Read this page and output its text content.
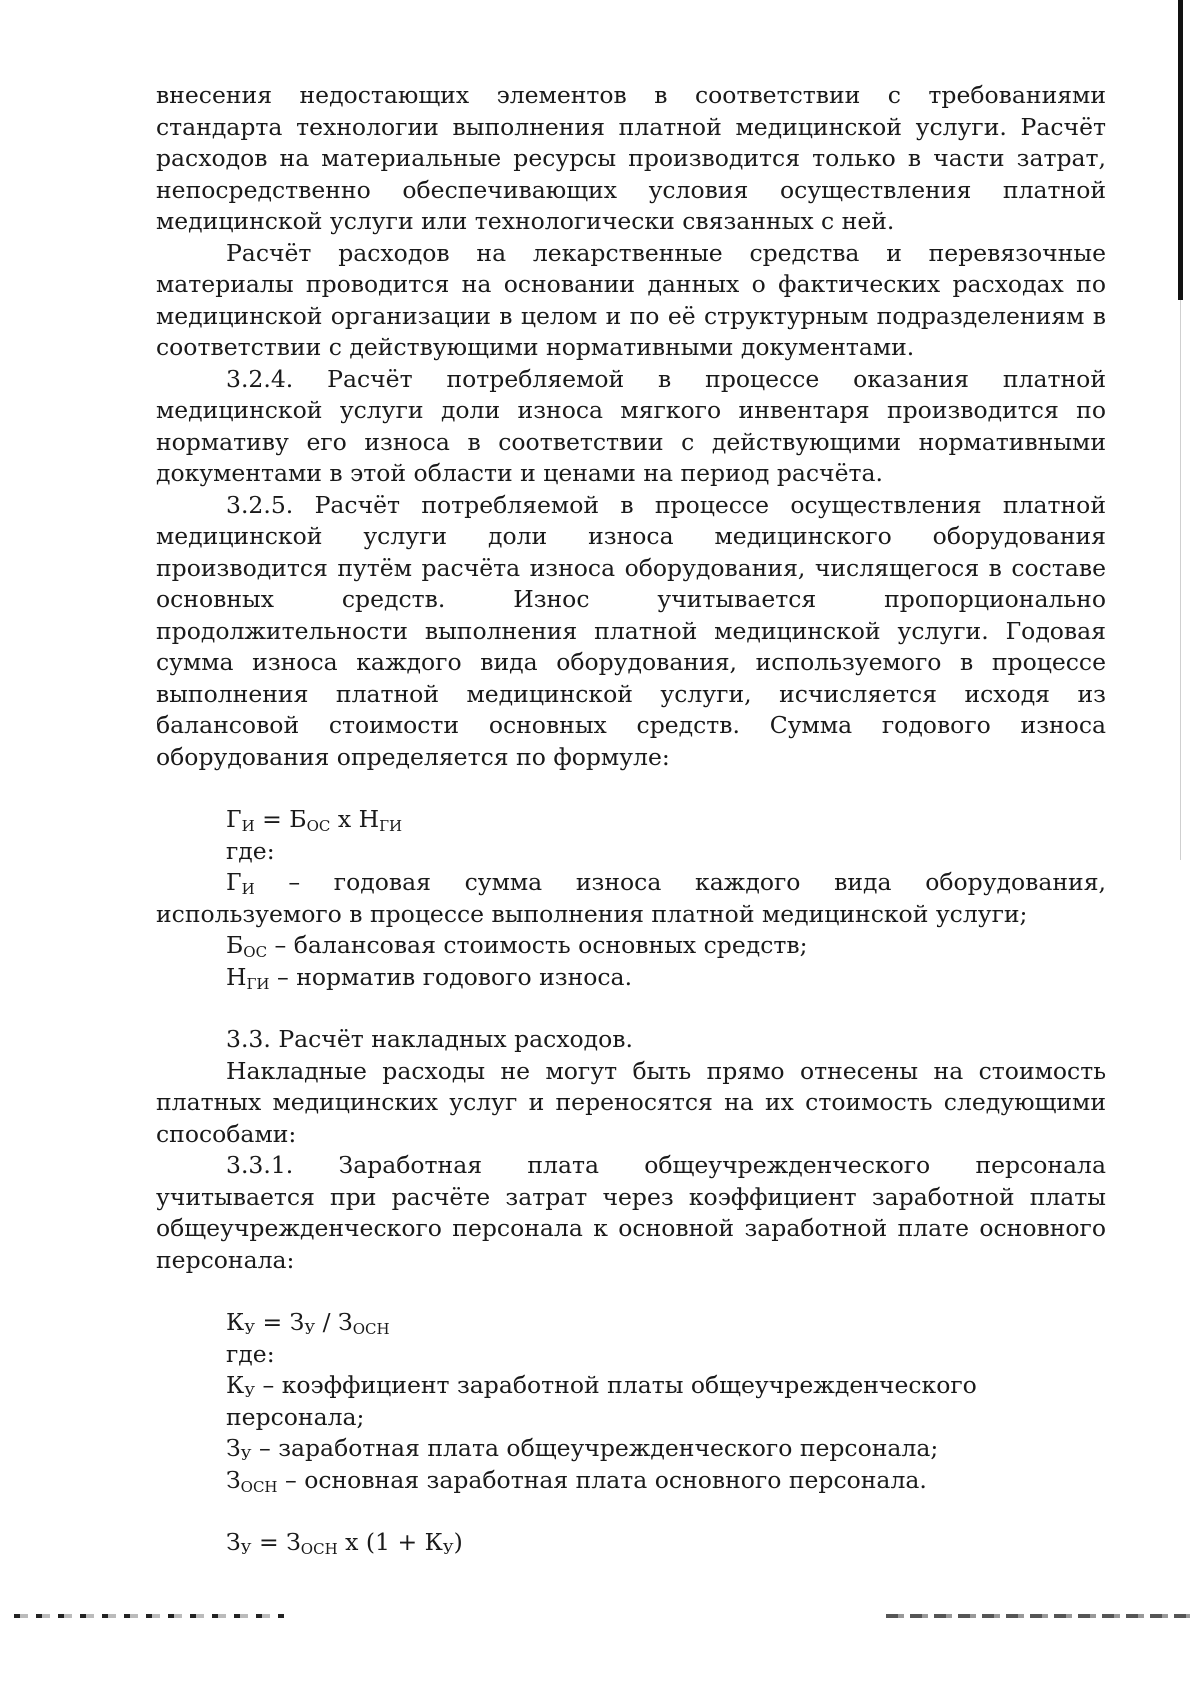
внесения недостающих элементов в соответствии с требованиями стандарта технологии выполнения платной медицинской услуги. Расчёт расходов на материальные ресурсы производится только в части затрат, непосредственно обеспечивающих условия осуществления платной медицинской услуги или технологически связанных с ней.

Расчёт расходов на лекарственные средства и перевязочные материалы проводится на основании данных о фактических расходах по медицинской организации в целом и по её структурным подразделениям в соответствии с действующими нормативными документами.

3.2.4. Расчёт потребляемой в процессе оказания платной медицинской услуги доли износа мягкого инвентаря производится по нормативу его износа в соответствии с действующими нормативными документами в этой области и ценами на период расчёта.

3.2.5. Расчёт потребляемой в процессе осуществления платной медицинской услуги доли износа медицинского оборудования производится путём расчёта износа оборудования, числящегося в составе основных средств. Износ учитывается пропорционально продолжительности выполнения платной медицинской услуги. Годовая сумма износа каждого вида оборудования, используемого в процессе выполнения платной медицинской услуги, исчисляется исходя из балансовой стоимости основных средств. Сумма годового износа оборудования определяется по формуле:

$Г_И = Б_{ОС}$ х $Н_{ГИ}$

где:

$Г_И$ – годовая сумма износа каждого вида оборудования, используемого в процессе выполнения платной медицинской услуги;

$Б_{ОС}$ – балансовая стоимость основных средств;

$Н_{ГИ}$ – норматив годового износа.

3.3. Расчёт накладных расходов.

Накладные расходы не могут быть прямо отнесены на стоимость платных медицинских услуг и переносятся на их стоимость следующими способами:

3.3.1. Заработная плата общеучрежденческого персонала учитывается при расчёте затрат через коэффициент заработной платы общеучрежденческого персонала к основной заработной плате основного персонала:

$К_У = З_У / З_{ОСН}$

где:

$К_У$ – коэффициент заработной платы общеучрежденческого персонала;

$З_У$ – заработная плата общеучрежденческого персонала;

$З_{ОСН}$ – основная заработная плата основного персонала.

$З_У = З_{ОСН}$ х $(1 + К_У)$
